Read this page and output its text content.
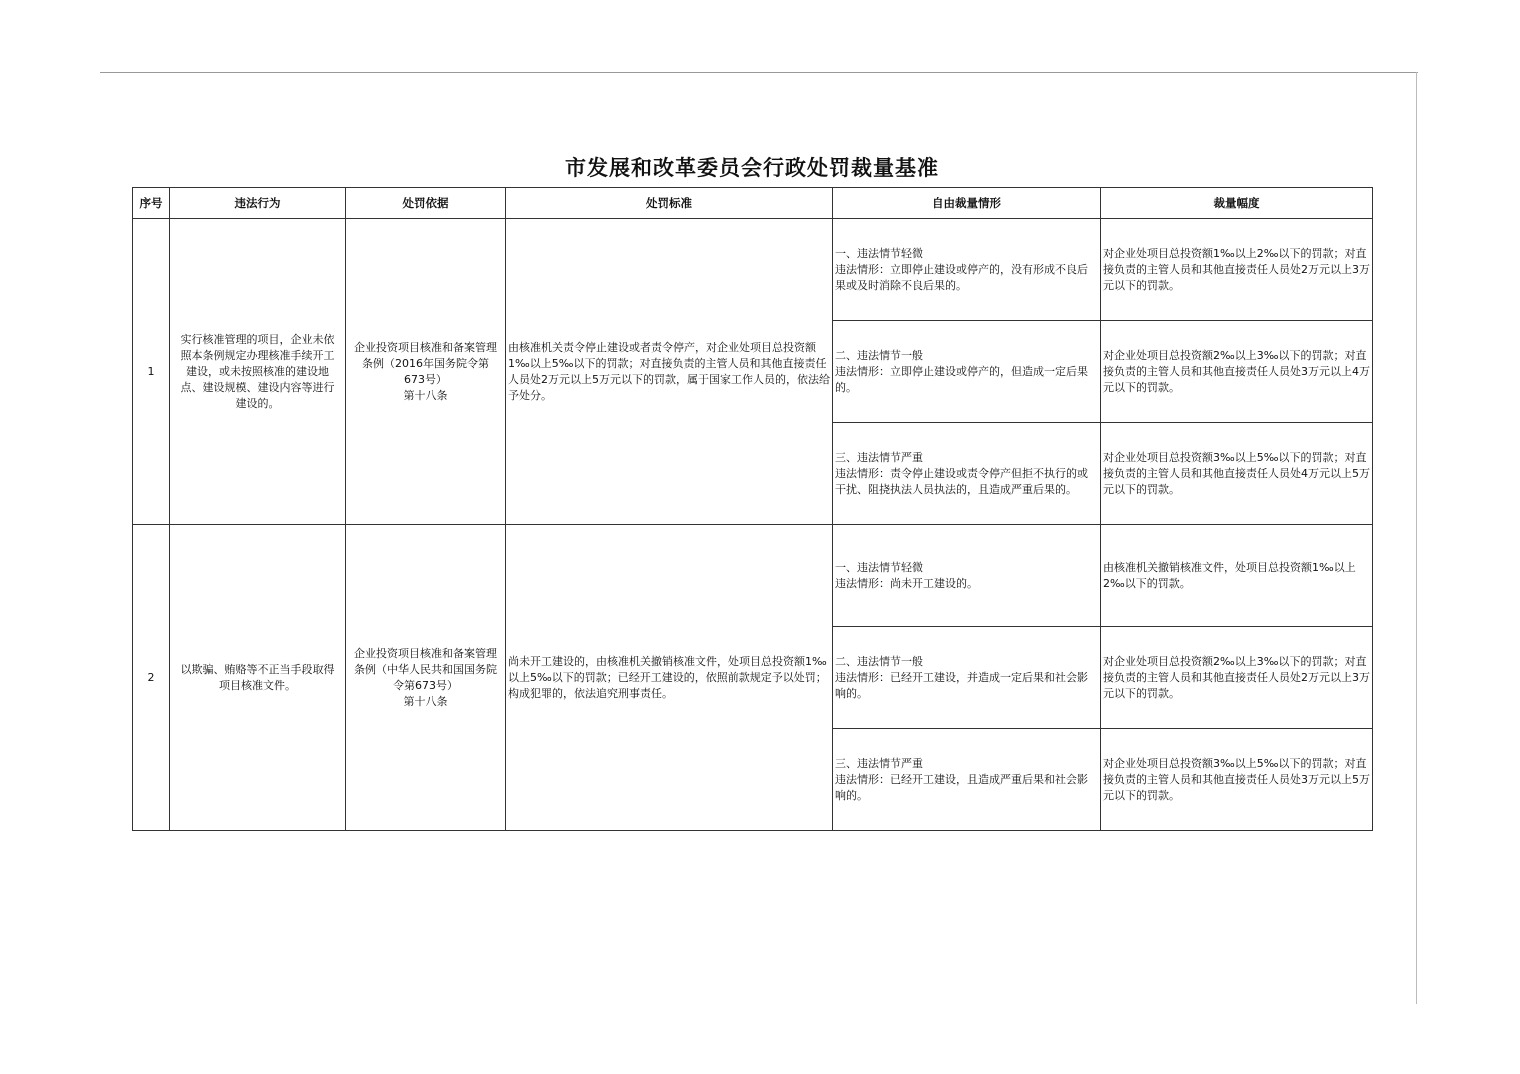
市发展和改革委员会行政处罚裁量基准
序号	违法行为	处罚依据	处罚标准	自由裁量情形	裁量幅度
1	实行核准管理的项目，企业未依照本条例规定办理核准手续开工建设，或未按照核准的建设地点、建设规模、建设内容等进行建设的。	企业投资项目核准和备案管理条例（2016年国务院令第673号）
第十八条	由核准机关责令停止建设或者责令停产，对企业处项目总投资额1‰以上5‰以下的罚款；对直接负责的主管人员和其他直接责任人员处2万元以上5万元以下的罚款，属于国家工作人员的，依法给予处分。	一、违法情节轻微
违法情形：立即停止建设或停产的，没有形成不良后果或及时消除不良后果的。	对企业处项目总投资额1‰以上2‰以下的罚款；对直接负责的主管人员和其他直接责任人员处2万元以上3万元以下的罚款。
				二、违法情节一般
违法情形：立即停止建设或停产的，但造成一定后果的。	对企业处项目总投资额2‰以上3‰以下的罚款；对直接负责的主管人员和其他直接责任人员处3万元以上4万元以下的罚款。
				三、违法情节严重
违法情形：责令停止建设或责令停产但拒不执行的或干扰、阻挠执法人员执法的，且造成严重后果的。	对企业处项目总投资额3‰以上5‰以下的罚款；对直接负责的主管人员和其他直接责任人员处4万元以上5万元以下的罚款。
2	以欺骗、贿赂等不正当手段取得项目核准文件。	企业投资项目核准和备案管理条例（中华人民共和国国务院令第673号）
第十八条	尚未开工建设的，由核准机关撤销核准文件，处项目总投资额1‰以上5‰以下的罚款；已经开工建设的，依照前款规定予以处罚；构成犯罪的，依法追究刑事责任。	一、违法情节轻微
违法情形：尚未开工建设的。	由核准机关撤销核准文件，处项目总投资额1‰以上2‰以下的罚款。
				二、违法情节一般
违法情形：已经开工建设，并造成一定后果和社会影响的。	对企业处项目总投资额2‰以上3‰以下的罚款；对直接负责的主管人员和其他直接责任人员处2万元以上3万元以下的罚款。
				三、违法情节严重
违法情形：已经开工建设，且造成严重后果和社会影响的。	对企业处项目总投资额3‰以上5‰以下的罚款；对直接负责的主管人员和其他直接责任人员处3万元以上5万元以下的罚款。
